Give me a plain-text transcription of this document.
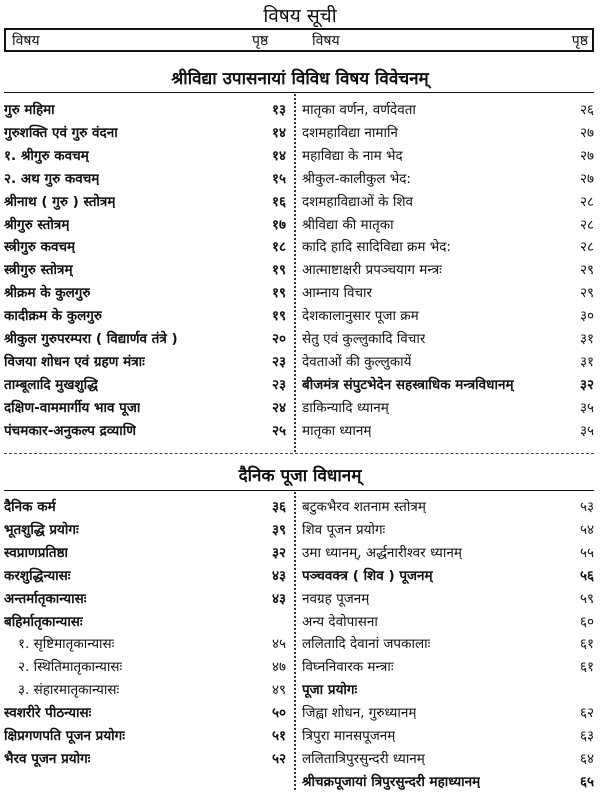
विषय सूची
विषय	पृष्ठ	विषय	पृष्ठ
श्रीविद्या उपासनायां विविध विषय विवेचनम्
दैनिक पूजा विधानम्
गुरु महिमा	१३
गुरुशक्ति एवं गुरु वंदना	१४
१. श्रीगुरु कवचम्	१४
२. अथ गुरु कवचम्	१५
श्रीनाथ ( गुरु ) स्तोत्रम्	१६
श्रीगुरु स्तोत्रम्	१७
स्त्रीगुरु कवचम्	१८
स्त्रीगुरु स्तोत्रम्	१९
श्रीक्रम के कुलगुरु	१९
कादीक्रम के कुलगुरु	१९
श्रीकुल गुरुपरम्परा ( विद्यार्णव तंत्रे )	२०
विजया शोधन एवं ग्रहण मंत्राः	२३
ताम्बूलादि मुखशुद्धि	२३
दक्षिण-वाममार्गीय भाव पूजा	२४
पंचमकार-अनुकल्प द्रव्याणि	२५
मातृका वर्णन, वर्णदेवता	२६
दशमहाविद्या नामानि	२७
महाविद्या के नाम भेद	२७
श्रीकुल-कालीकुल भेद:	२७
दशमहाविद्याओं के शिव	२८
श्रीविद्या की मातृका	२८
कादि हादि सादिविद्या क्रम भेद:	२८
आत्माष्टाक्षरी प्रपञ्चयाग मन्त्रः	२९
आम्नाय विचार	२९
देशकालानुसार पूजा क्रम	३०
सेतु एवं कुल्लुकादि विचार	३१
देवताओं की कुल्लुकायें	३१
बीजमंत्र संपुटभेदेन सहस्त्राधिक मन्त्रविधानम्	३२
डाकिन्यादि ध्यानम्	३५
मातृका ध्यानम्	३५
दैनिक कर्म	३६
भूतशुद्धि प्रयोगः	३९
स्वप्राणप्रतिष्ठा	३२
करशुद्धिन्यासः	४३
अन्तर्मातृकान्यासः	४३
बहिर्मातृकान्यासः
१. सृष्टिमातृकान्यासः	४५
२. स्थितिमातृकान्यासः	४७
३. संहारमातृकान्यासः	४९
स्वशरीरे पीठन्यासः	५०
क्षिप्रगणपति पूजन प्रयोगः	५१
भैरव पूजन प्रयोगः	५२
बटुकभैरव शतनाम स्तोत्रम्	५३
शिव पूजन प्रयोगः	५४
उमा ध्यानम्, अर्द्धनारीश्वर ध्यानम्	५५
पञ्चवक्त्र ( शिव ) पूजनम्	५६
नवग्रह पूजनम्	५९
अन्य देवोपासना	६०
ललितादि देवानां जपकालाः	६१
विघ्ननिवारक मन्त्राः	६१
पूजा प्रयोगः
जिह्वा शोधन, गुरुध्यानम्	६२
त्रिपुरा मानसपूजनम्	६३
ललितात्रिपुरसुन्दरी ध्यानम्	६४
श्रीचक्रपूजायां त्रिपुरसुन्दरी महाध्यानम्	६५
